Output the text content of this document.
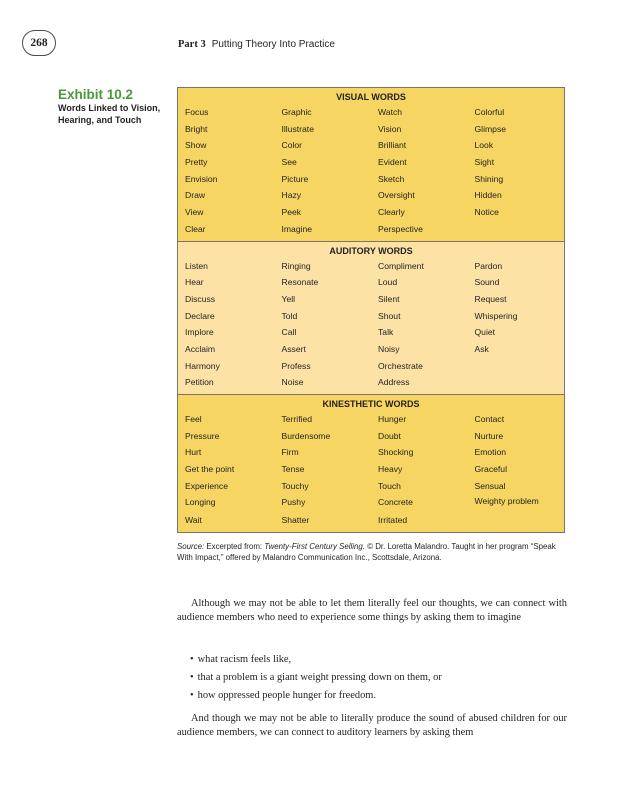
268	Part 3 Putting Theory Into Practice
Exhibit 10.2
Words Linked to Vision, Hearing, and Touch
VISUAL WORDS
Focus	Graphic	Watch	Colorful
Bright	Illustrate	Vision	Glimpse
Show	Color	Brilliant	Look
Pretty	See	Evident	Sight
Envision	Picture	Sketch	Shining
Draw	Hazy	Oversight	Hidden
View	Peek	Clearly	Notice
Clear	Imagine	Perspective
AUDITORY WORDS
Listen	Ringing	Compliment	Pardon
Hear	Resonate	Loud	Sound
Discuss	Yell	Silent	Request
Declare	Told	Shout	Whispering
Implore	Call	Talk	Quiet
Acclaim	Assert	Noisy	Ask
Harmony	Profess	Orchestrate
Petition	Noise	Address
KINESTHETIC WORDS
Feel	Terrified	Hunger	Contact
Pressure	Burdensome	Doubt	Nurture
Hurt	Firm	Shocking	Emotion
Get the point	Tense	Heavy	Graceful
Experience	Touchy	Touch	Sensual
Longing	Pushy	Concrete	Weighty problem
Wait	Shatter	Irritated
Source: Excerpted from: Twenty-First Century Selling. © Dr. Loretta Malandro. Taught in her program “Speak With Impact,” offered by Malandro Communication Inc., Scottsdale, Arizona.
Although we may not be able to let them literally feel our thoughts, we can connect with audience members who need to experience some things by asking them to imagine
• what racism feels like,
• that a problem is a giant weight pressing down on them, or
• how oppressed people hunger for freedom.
And though we may not be able to literally produce the sound of abused children for our audience members, we can connect to auditory learners by asking them
